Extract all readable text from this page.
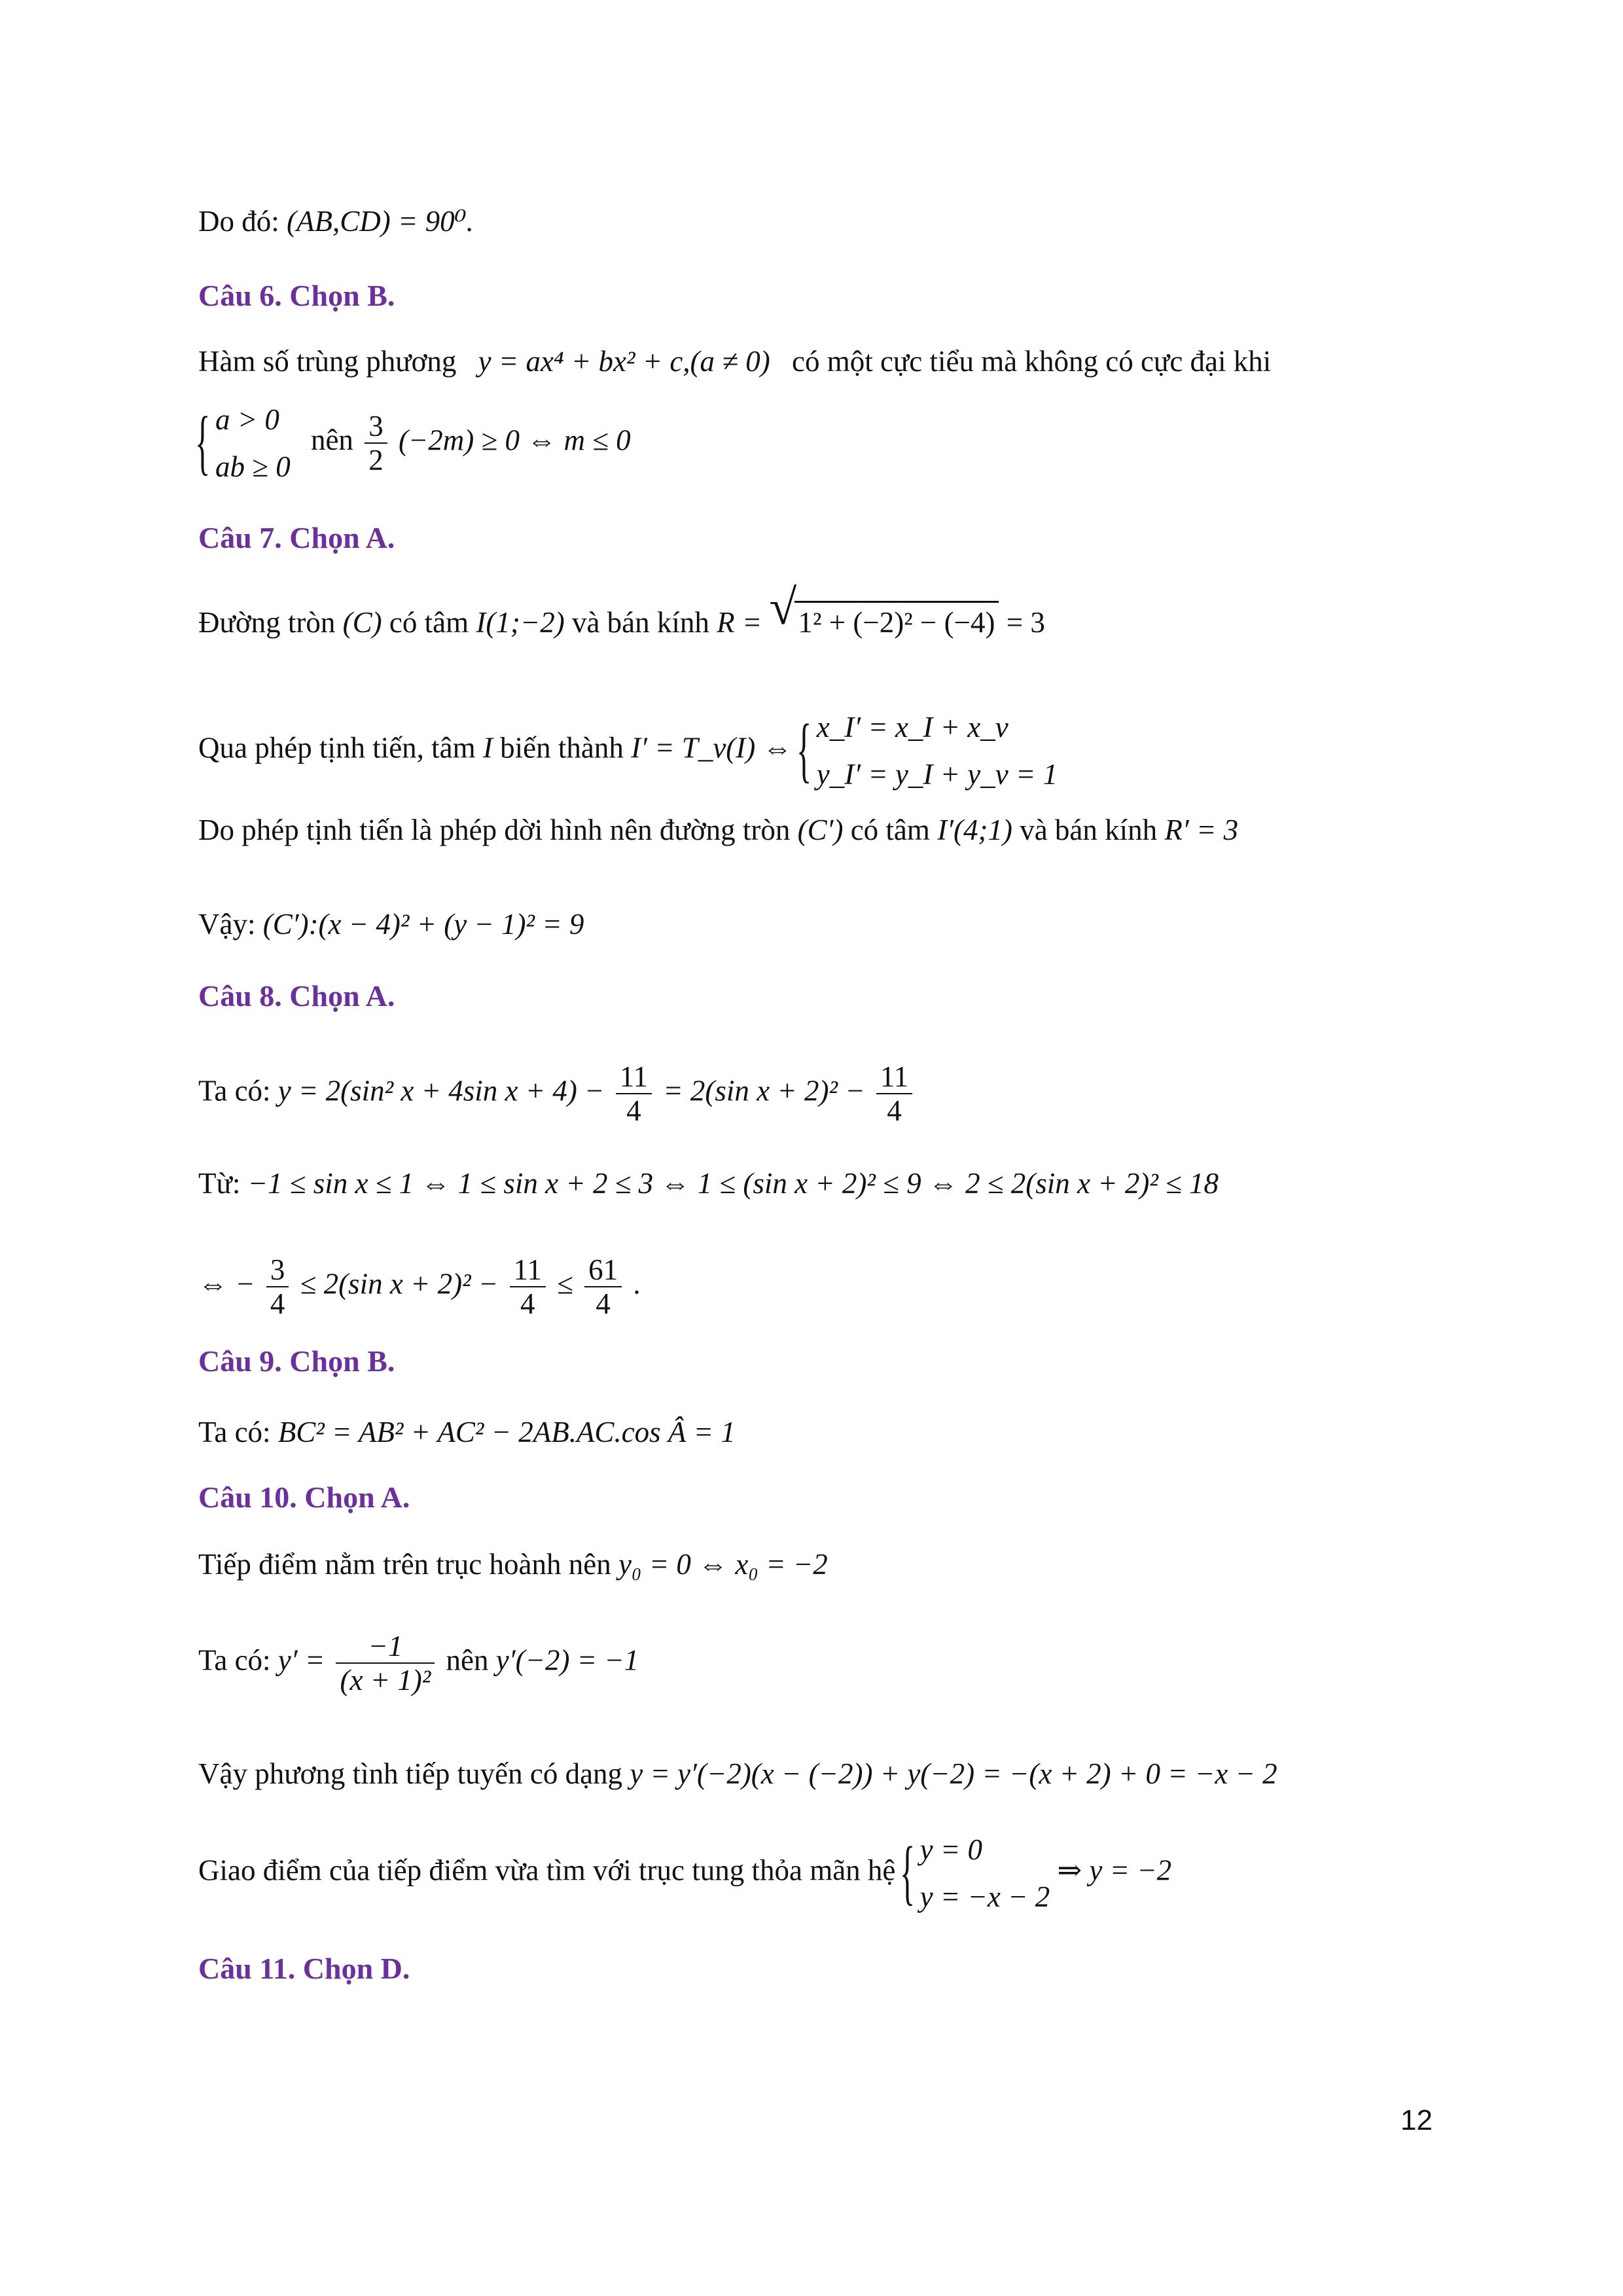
Do đó: (AB,CD) = 90⁰.
Câu 6. Chọn B.
Hàm số trùng phương y = ax⁴ + bx² + c,(a ≠ 0) có một cực tiểu mà không có cực đại khi
{ a > 0
ab ≥ 0
nên $\frac{3}{2} (-2m) \ge 0$ ⇔ m ≤ 0
Câu 7. Chọn A.
Đường tròn (C) có tâm I(1;−2) và bán kính R = √ 1² + (−2)² − (−4) = 3
Qua phép tịnh tiến, tâm I biến thành I′ = T_v(I) ⇔
{ x_I′ = x_I + x_v
y_I′ = y_I + y_v = 1
Do phép tịnh tiến là phép dời hình nên đường tròn (C′) có tâm I′(4;1) và bán kính R′ = 3
Vậy: (C′):(x − 4)² + (y − 1)² = 9
Câu 8. Chọn A.
Ta có: y = 2(sin² x + 4sin $x + 4) - \frac{11}{4} = 2(\sin$ $x + 2)^2 - \frac{11}{4}$
Từ: −1 ≤ sin x ≤ 1 ⇔ 1 ≤ sin x + 2 ≤ 3 ⇔ 1 ≤ (sin x + 2)² ≤ 9 ⇔ 2 ≤ 2(sin x + 2)² ≤ 18
⇔ − $\frac{3}{4} \le 2(\sin$ $x + 2)^2 - \frac{11}{4} \le \frac{61}{4}$ .
Câu 9. Chọn B.
Ta có: BC² = AB² + AC² − 2AB.AC.cos Â = 1
Câu 10. Chọn A.
Tiếp điểm nằm trên trục hoành nên y₀ = 0 ⇔ x₀ = −2
Ta có: $y' = \frac{-1}{\text{(x + 1)²}}$ nên y′(−2) = −1
Vậy phương tình tiếp tuyến có dạng y = y′(−2)(x − (−2)) + y(−2) = −(x + 2) + 0 = −x − 2
Giao điểm của tiếp điểm vừa tìm với trục tung thỏa mãn hệ
{ y = 0
y = −x − 2
⇒ y = −2
Câu 11. Chọn D.
12
